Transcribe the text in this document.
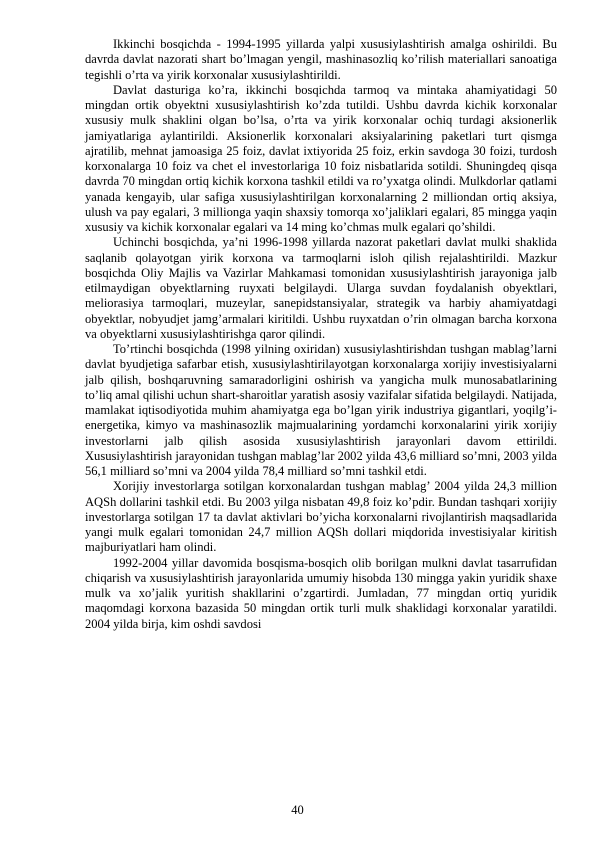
Ikkinchi bosqichda - 1994-1995 yillarda yalpi xususiylashtirish amalga oshirildi. Bu davrda davlat nazorati shart bo’lmagan yengil, mashinasozliq ko’rilish materiallari sanoatiga tegishli o’rta va yirik korxonalar xususiylashtirildi.

Davlat dasturiga ko’ra, ikkinchi bosqichda tarmoq va mintaka ahamiyatidagi 50 mingdan ortik obyektni xususiylashtirish ko’zda tutildi. Ushbu davrda kichik korxonalar xususiy mulk shaklini olgan bo’lsa, o’rta va yirik korxonalar ochiq turdagi aksionerlik jamiyatlariga aylantirildi. Aksionerlik korxonalari aksiyalarining paketlari turt qismga ajratilib, mehnat jamoasiga 25 foiz, davlat ixtiyorida 25 foiz, erkin savdoga 30 foizi, turdosh korxonalarga 10 foiz va chet el investorlariga 10 foiz nisbatlarida sotildi. Shuningdeq qisqa davrda 70 mingdan ortiq kichik korxona tashkil etildi va ro’yxatga olindi. Mulkdorlar qatlami yanada kengayib, ular safiga xususiylashtirilgan korxonalarning 2 milliondan ortiq aksiya, ulush va pay egalari, 3 millionga yaqin shaxsiy tomorqa xo’jaliklari egalari, 85 mingga yaqin xususiy va kichik korxonalar egalari va 14 ming ko’chmas mulk egalari qo’shildi.

Uchinchi bosqichda, ya’ni 1996-1998 yillarda nazorat paketlari davlat mulki shaklida saqlanib qolayotgan yirik korxona va tarmoqlarni isloh qilish rejalashtirildi. Mazkur bosqichda Oliy Majlis va Vazirlar Mahkamasi tomonidan xususiylashtirish jarayoniga jalb etilmaydigan obyektlarning ruyxati belgilaydi. Ularga suvdan foydalanish obyektlari, meliorasiya tarmoqlari, muzeylar, sanepidstansiyalar, strategik va harbiy ahamiyatdagi obyektlar, nobyudjet jamg’armalari kiritildi. Ushbu ruyxatdan o’rin olmagan barcha korxona va obyektlarni xususiylashtirishga qaror qilindi.

To’rtinchi bosqichda (1998 yilning oxiridan) xususiylashtirishdan tushgan mablag’larni davlat byudjetiga safarbar etish, xususiylashtirilayotgan korxonalarga xorijiy investisiyalarni jalb qilish, boshqaruvning samaradorligini oshirish va yangicha mulk munosabatlarining to’liq amal qilishi uchun shart-sharoitlar yaratish asosiy vazifalar sifatida belgilaydi. Natijada, mamlakat iqtisodiyotida muhim ahamiyatga ega bo’lgan yirik industriya gigantlari, yoqilg’i-energetika, kimyo va mashinasozlik majmualarining yordamchi korxonalarini yirik xorijiy investorlarni jalb qilish asosida xususiylashtirish jarayonlari davom ettirildi. Xususiylashtirish jarayonidan tushgan mablag’lar 2002 yilda 43,6 milliard so’mni, 2003 yilda 56,1 milliard so’mni va 2004 yilda 78,4 milliard so’mni tashkil etdi.

Xorijiy investorlarga sotilgan korxonalardan tushgan mablag’ 2004 yilda 24,3 million AQSh dollarini tashkil etdi. Bu 2003 yilga nisbatan 49,8 foiz ko’pdir. Bundan tashqari xorijiy investorlarga sotilgan 17 ta davlat aktivlari bo’yicha korxonalarni rivojlantirish maqsadlarida yangi mulk egalari tomonidan 24,7 million AQSh dollari miqdorida investisiyalar kiritish majburiyatlari ham olindi.

1992-2004 yillar davomida bosqisma-bosqich olib borilgan mulkni davlat tasarrufidan chiqarish va xususiylashtirish jarayonlarida umumiy hisobda 130 mingga yakin yuridik shaxe mulk va xo’jalik yuritish shakllarini o’zgartirdi. Jumladan, 77 mingdan ortiq yuridik maqomdagi korxona bazasida 50 mingdan ortik turli mulk shaklidagi korxonalar yaratildi. 2004 yilda birja, kim oshdi savdosi

40
